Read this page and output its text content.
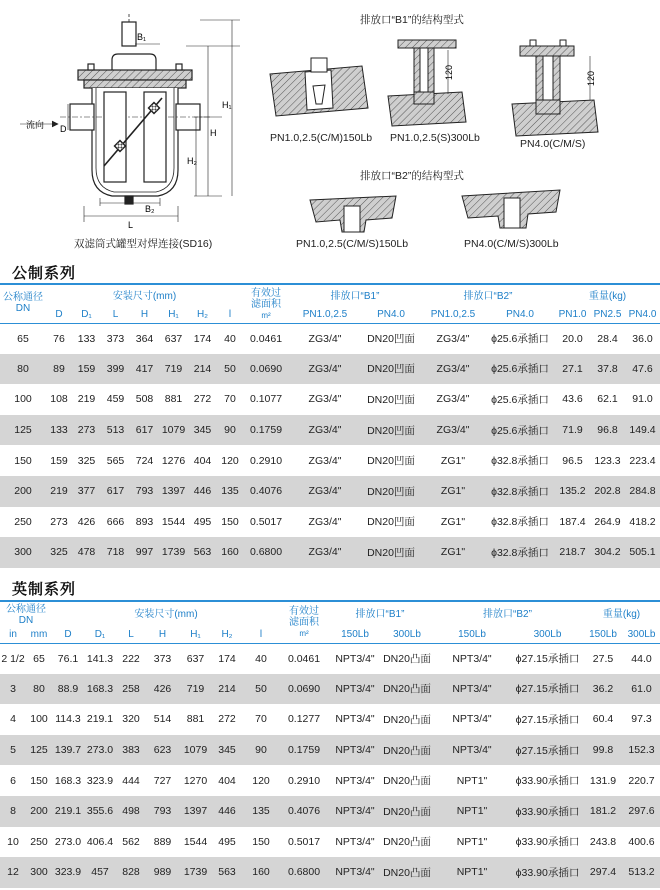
B₁
B₂
L
D
流向
H₂
H
H₁
120	120
排放口“B1”的结构型式
PN1.0,2.5(C/M)150Lb PN1.0,2.5(S)300Lb	PN4.0(C/M/S)
排放口“B2”的结构型式
PN1.0,2.5(C/M/S)150Lb	PN4.0(C/M/S)300Lb
双滤筒式罐型对焊连接(SD16)
公制系列
公称通径
DN	安装尺寸(mm)							有效过
滤面积
m²	排放口“B1”		排放口“B2”		重量(kg)		
	D	D₁	L	H	H₁	H₂	l		PN1.0,2.5	PN4.0	PN1.0,2.5	PN4.0	PN1.0	PN2.5	PN4.0
65	76	133	373	364	637	174	40	0.0461	ZG3/4"	DN20凹面	ZG3/4"	ϕ25.6承插口	20.0	28.4	36.0
80	89	159	399	417	719	214	50	0.0690	ZG3/4"	DN20凹面	ZG3/4"	ϕ25.6承插口	27.1	37.8	47.6
100	108	219	459	508	881	272	70	0.1077	ZG3/4"	DN20凹面	ZG3/4"	ϕ25.6承插口	43.6	62.1	91.0
125	133	273	513	617	1079	345	90	0.1759	ZG3/4"	DN20凹面	ZG3/4"	ϕ25.6承插口	71.9	96.8	149.4
150	159	325	565	724	1276	404	120	0.2910	ZG3/4"	DN20凹面	ZG1"	ϕ32.8承插口	96.5	123.3	223.4
200	219	377	617	793	1397	446	135	0.4076	ZG3/4"	DN20凹面	ZG1"	ϕ32.8承插口	135.2	202.8	284.8
250	273	426	666	893	1544	495	150	0.5017	ZG3/4"	DN20凹面	ZG1"	ϕ32.8承插口	187.4	264.9	418.2
300	325	478	718	997	1739	563	160	0.6800	ZG3/4"	DN20凹面	ZG1"	ϕ32.8承插口	218.7	304.2	505.1
英制系列
公称通径
DN		安装尺寸(mm)							有效过
滤面积
m²	排放口“B1”		排放口“B2”		重量(kg)	
in	mm	D	D₁	L	H	H₁	H₂	l		150Lb	300Lb	150Lb	300Lb	150Lb	300Lb
2 1/2	65	76.1	141.3	222	373	637	174	40	0.0461	NPT3/4"	DN20凸面	NPT3/4"	ϕ27.15承插口	27.5	44.0
3	80	88.9	168.3	258	426	719	214	50	0.0690	NPT3/4"	DN20凸面	NPT3/4"	ϕ27.15承插口	36.2	61.0
4	100	114.3	219.1	320	514	881	272	70	0.1277	NPT3/4"	DN20凸面	NPT3/4"	ϕ27.15承插口	60.4	97.3
5	125	139.7	273.0	383	623	1079	345	90	0.1759	NPT3/4"	DN20凸面	NPT3/4"	ϕ27.15承插口	99.8	152.3
6	150	168.3	323.9	444	727	1270	404	120	0.2910	NPT3/4"	DN20凸面	NPT1"	ϕ33.90承插口	131.9	220.7
8	200	219.1	355.6	498	793	1397	446	135	0.4076	NPT3/4"	DN20凸面	NPT1"	ϕ33.90承插口	181.2	297.6
10	250	273.0	406.4	562	889	1544	495	150	0.5017	NPT3/4"	DN20凸面	NPT1"	ϕ33.90承插口	243.8	400.6
12	300	323.9	457	828	989	1739	563	160	0.6800	NPT3/4"	DN20凸面	NPT1"	ϕ33.90承插口	297.4	513.2
